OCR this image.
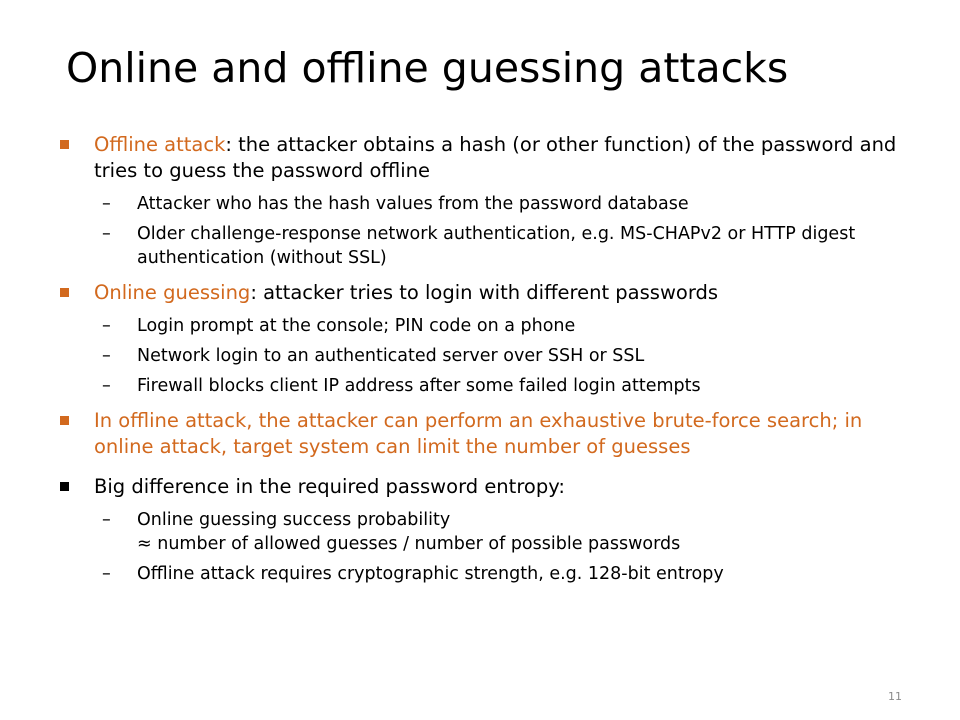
Online and offline guessing attacks
Offline attack: the attacker obtains a hash (or other function) of the password and tries to guess the password offline
– Attacker who has the hash values from the password database
– Older challenge-response network authentication, e.g. MS-CHAPv2 or HTTP digest authentication (without SSL)
Online guessing: attacker tries to login with different passwords
– Login prompt at the console; PIN code on a phone
– Network login to an authenticated server over SSH or SSL
– Firewall blocks client IP address after some failed login attempts
In offline attack, the attacker can perform an exhaustive brute-force search; in online attack, target system can limit the number of guesses
Big difference in the required password entropy:
– Online guessing success probability
≈ number of allowed guesses / number of possible passwords
– Offline attack requires cryptographic strength, e.g. 128-bit entropy
11
